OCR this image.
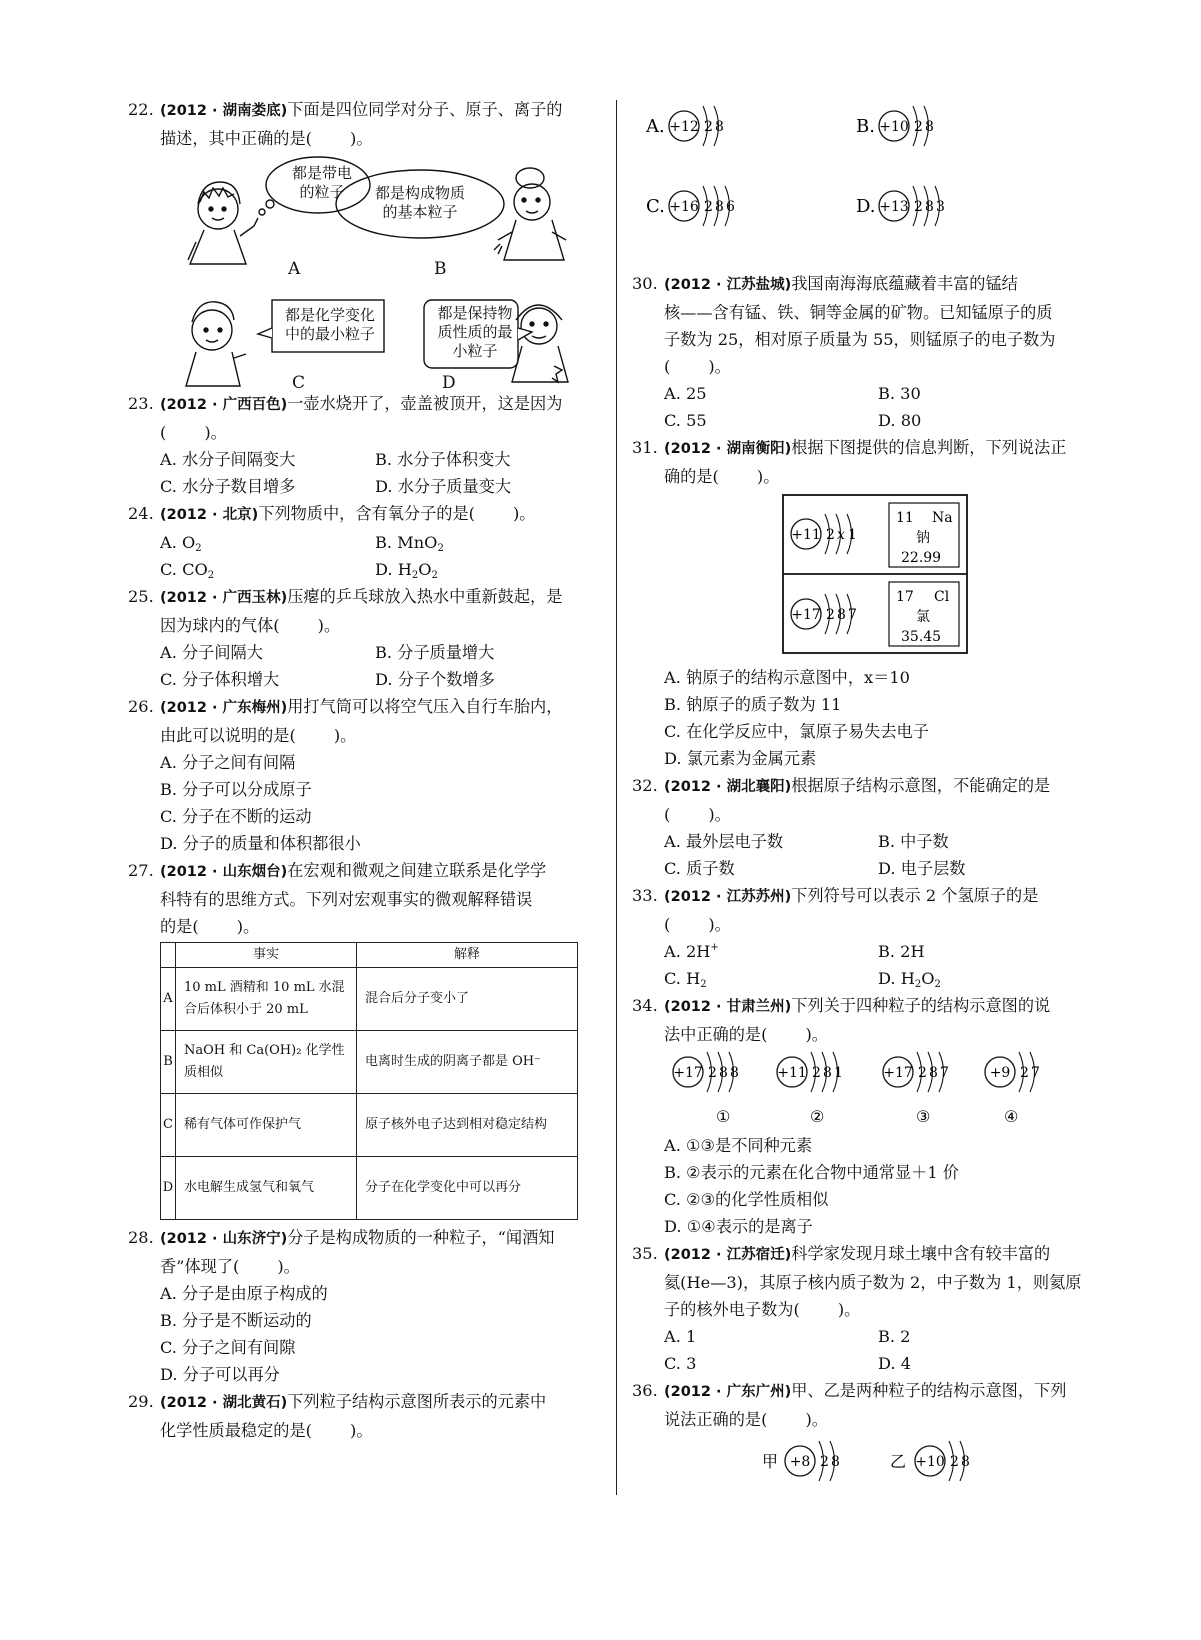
22. (2012 · 湖南娄底)下面是四位同学对分子、原子、离子的
描述，其中正确的是( )。
都是带电
的粒子	都是构成物质
的基本粒子
都是化学变化
中的最小粒子
都是保持物
质性质的最
小粒子
A	B
C	D
23. (2012 · 广西百色)一壶水烧开了，壶盖被顶开，这是因为
( )。
A. 水分子间隔变大	B. 水分子体积变大
C. 水分子数目增多	D. 水分子质量变大
24. (2012 · 北京)下列物质中，含有氧分子的是( )。
A. $O_2$	B. MnO$_2$
C. $CO_2$	D. $H_2O_2$
25. (2012 · 广西玉林)压瘪的乒乓球放入热水中重新鼓起，是
因为球内的气体( )。
A. 分子间隔大	B. 分子质量增大
C. 分子体积增大	D. 分子个数增多
26. (2012 · 广东梅州)用打气筒可以将空气压入自行车胎内，
由此可以说明的是( )。
A. 分子之间有间隔
B. 分子可以分成原子
C. 分子在不断的运动
D. 分子的质量和体积都很小
27. (2012 · 山东烟台)在宏观和微观之间建立联系是化学学
科特有的思维方式。下列对宏观事实的微观解释错误
的是( )。
	事实	解释
A	10 mL 酒精和 10 mL 水混合后体积小于 20 mL	混合后分子变小了
B	NaOH 和 Ca(OH)₂ 化学性质相似	电离时生成的阴离子都是 OH⁻
C	稀有气体可作保护气	原子核外电子达到相对稳定结构
D	水电解生成氢气和氧气	分子在化学变化中可以再分
28. (2012 · 山东济宁)分子是构成物质的一种粒子，“闻酒知
香”体现了( )。
A. 分子是由原子构成的
B. 分子是不断运动的
C. 分子之间有间隙
D. 分子可以再分
29. (2012 · 湖北黄石)下列粒子结构示意图所表示的元素中
化学性质最稳定的是( )。
A. +12 2 8	B. +10 2 8
C. +16 2 8 6	D. +13 2 8 3
30. (2012 · 江苏盐城)我国南海海底蕴藏着丰富的锰结
核——含有锰、铁、铜等金属的矿物。已知锰原子的质
子数为 25，相对原子质量为 55，则锰原子的电子数为
( )。
A. 25	B. 30
C. 55	D. 80
31. (2012 · 湖南衡阳)根据下图提供的信息判断，下列说法正
确的是( )。
+11 2 x 1
+17 2 8 7
11 Na
钠
22.99
17 Cl
氯
35.45
A. 钠原子的结构示意图中，x＝10
B. 钠原子的质子数为 11
C. 在化学反应中，氯原子易失去电子
D. 氯元素为金属元素
32. (2012 · 湖北襄阳)根据原子结构示意图，不能确定的是
( )。
A. 最外层电子数	B. 中子数
C. 质子数	D. 电子层数
33. (2012 · 江苏苏州)下列符号可以表示 2 个氢原子的是
( )。
A. 2H+	B. 2H
C. $H_2$	D. $H_2O_2$
34. (2012 · 甘肃兰州)下列关于四种粒子的结构示意图的说
法中正确的是( )。
+17 2 8 8	+11 2 8 1	+17 2 8 7	+9 2 7
①	②	③	④
A. ①③是不同种元素
B. ②表示的元素在化合物中通常显＋1 价
C. ②③的化学性质相似
D. ①④表示的是离子
35. (2012 · 江苏宿迁)科学家发现月球土壤中含有较丰富的
氦(He—3)，其原子核内质子数为 2，中子数为 1，则氦原
子的核外电子数为( )。
A. 1	B. 2
C. 3	D. 4
36. (2012 · 广东广州)甲、乙是两种粒子的结构示意图，下列
说法正确的是( )。
甲 +8 2 8	乙 +10 2 8
